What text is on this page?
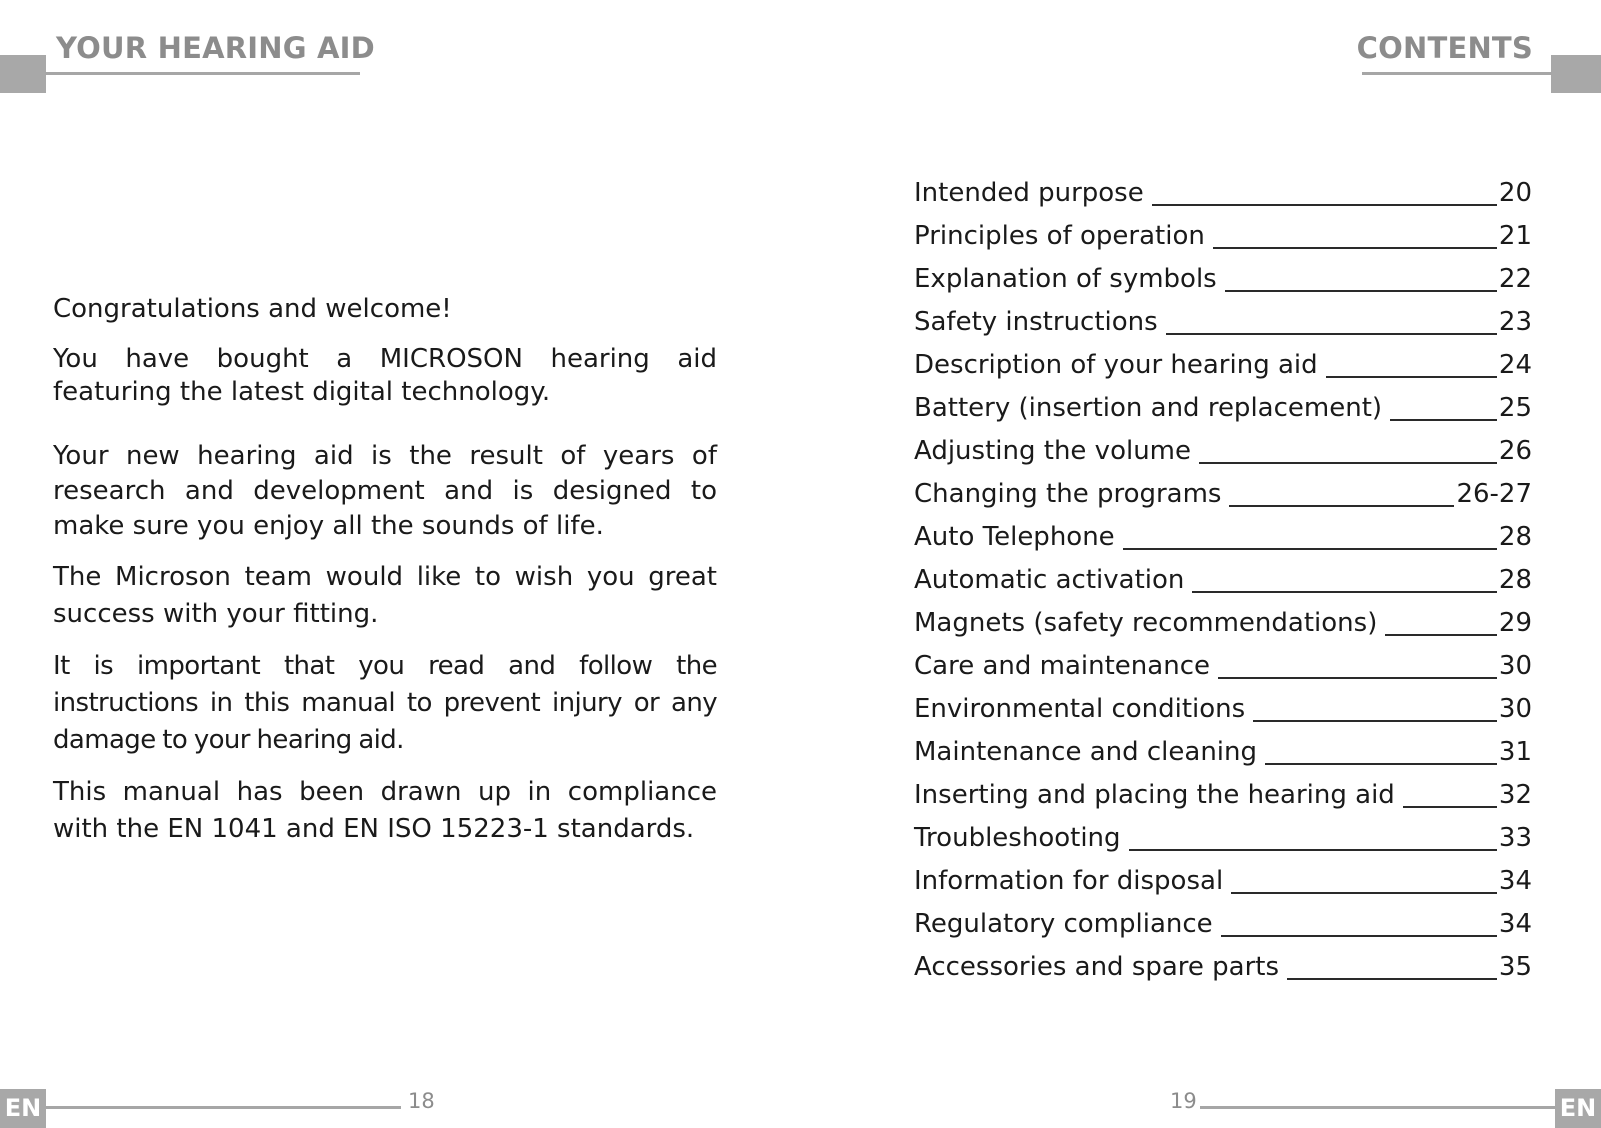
YOUR HEARING AID	CONTENTS

Congratulations and welcome!

You have bought a MICROSON hearing aid featuring the latest digital technology.

Your new hearing aid is the result of years of research and development and is designed to make sure you enjoy all the sounds of life.

The Microson team would like to wish you great success with your fitting.

It is important that you read and follow the instructions in this manual to prevent injury or any damage to your hearing aid.

This manual has been drawn up in compliance with the EN 1041 and EN ISO 15223-1 standards.

Intended purpose	20
Principles of operation	21
Explanation of symbols	22
Safety instructions	23
Description of your hearing aid	24
Battery (insertion and replacement)	25
Adjusting the volume	26
Changing the programs	26-27
Auto Telephone	28
Automatic activation	28
Magnets (safety recommendations)	29
Care and maintenance	30
Environmental conditions	30
Maintenance and cleaning	31
Inserting and placing the hearing aid	32
Troubleshooting	33
Information for disposal	34
Regulatory compliance	34
Accessories and spare parts	35
EN	18	19	EN
